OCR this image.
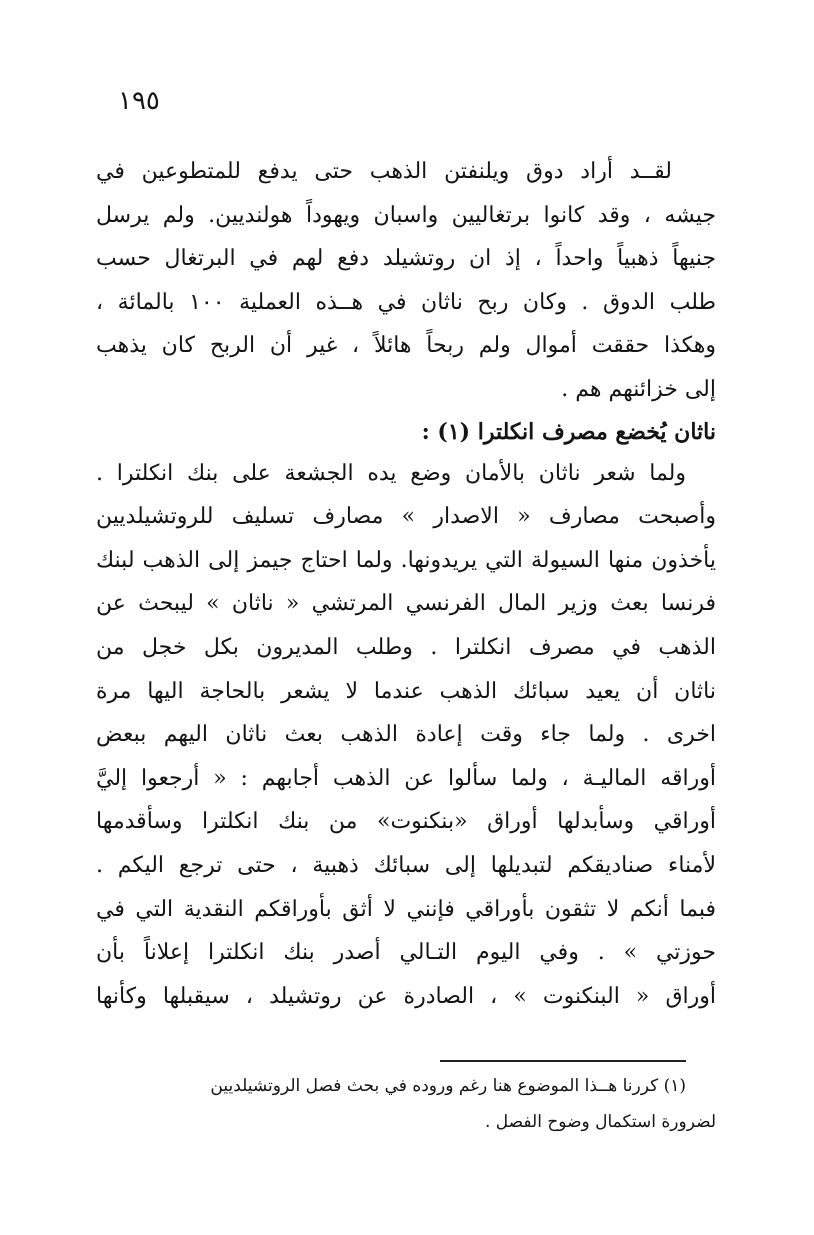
١٩٥
لقــد أراد دوق ويلنفتن الذهب حتى يدفع للمتطوعين في
جيشه ، وقد كانوا برتغاليين واسبان ويهوداً هولنديين. ولم يرسل
جنيهاً ذهبياً واحداً ، إذ ان روتشيلد دفع لهم في البرتغال حسب
طلب الدوق . وكان ربح ناثان في هــذه العملية ١٠٠ بالمائة ،
وهكذا حققت أموال ولم ربحاً هائلاً ، غير أن الربح كان يذهب
إلى خزائنهم هم .
ناثان يُخضع مصرف انكلترا (١) :
ولما شعر ناثان بالأمان وضع يده الجشعة على بنك انكلترا .
وأصبحت مصارف « الاصدار » مصارف تسليف للروتشيلديين
يأخذون منها السيولة التي يريدونها. ولما احتاج جيمز إلى الذهب لبنك
فرنسا بعث وزير المال الفرنسي المرتشي « ناثان » ليبحث عن
الذهب في مصرف انكلترا . وطلب المديرون بكل خجل من
ناثان أن يعيد سبائك الذهب عندما لا يشعر بالحاجة اليها مرة
اخرى . ولما جاء وقت إعادة الذهب بعث ناثان اليهم ببعض
أوراقه الماليـة ، ولما سألوا عن الذهب أجابهم : « أرجعوا إليَّ
أوراقي وسأبدلها أوراق «بنكنوت» من بنك انكلترا وسأقدمها
لأمناء صناديقكم لتبديلها إلى سبائك ذهبية ، حتى ترجع اليكم .
فبما أنكم لا تثقون بأوراقي فإنني لا أثق بأوراقكم النقدية التي في
حوزتي » . وفي اليوم التـالي أصدر بنك انكلترا إعلاناً بأن
أوراق « البنكنوت » ، الصادرة عن روتشيلد ، سيقبلها وكأنها
(١) كررنا هــذا الموضوع هنا رغم وروده في بحث فصل الروتشيلديين
لضرورة استكمال وضوح الفصل .
